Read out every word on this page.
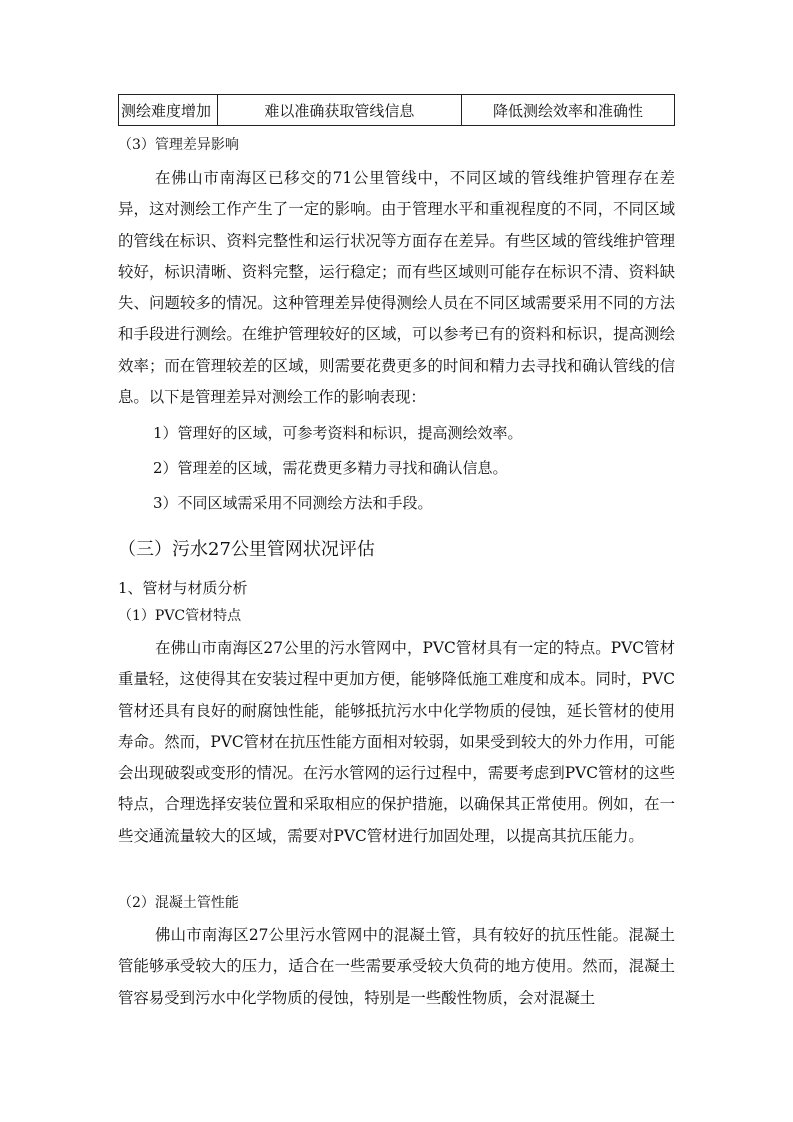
测绘难度增加	难以准确获取管线信息	降低测绘效率和准确性
（3）管理差异影响

在佛山市南海区已移交的71公里管线中，不同区域的管线维护管理存在差异，这对测绘工作产生了一定的影响。由于管理水平和重视程度的不同，不同区域的管线在标识、资料完整性和运行状况等方面存在差异。有些区域的管线维护管理较好，标识清晰、资料完整，运行稳定；而有些区域则可能存在标识不清、资料缺失、问题较多的情况。这种管理差异使得测绘人员在不同区域需要采用不同的方法和手段进行测绘。在维护管理较好的区域，可以参考已有的资料和标识，提高测绘效率；而在管理较差的区域，则需要花费更多的时间和精力去寻找和确认管线的信息。以下是管理差异对测绘工作的影响表现：

1）管理好的区域，可参考资料和标识，提高测绘效率。
2）管理差的区域，需花费更多精力寻找和确认信息。
3）不同区域需采用不同测绘方法和手段。
（三）污水27公里管网状况评估
1、管材与材质分析
（1）PVC管材特点

在佛山市南海区27公里的污水管网中，PVC管材具有一定的特点。PVC管材重量轻，这使得其在安装过程中更加方便，能够降低施工难度和成本。同时，PVC管材还具有良好的耐腐蚀性能，能够抵抗污水中化学物质的侵蚀，延长管材的使用寿命。然而，PVC管材在抗压性能方面相对较弱，如果受到较大的外力作用，可能会出现破裂或变形的情况。在污水管网的运行过程中，需要考虑到PVC管材的这些特点，合理选择安装位置和采取相应的保护措施，以确保其正常使用。例如，在一些交通流量较大的区域，需要对PVC管材进行加固处理，以提高其抗压能力。

（2）混凝土管性能

佛山市南海区27公里污水管网中的混凝土管，具有较好的抗压性能。混凝土管能够承受较大的压力，适合在一些需要承受较大负荷的地方使用。然而，混凝土管容易受到污水中化学物质的侵蚀，特别是一些酸性物质，会对混凝土
